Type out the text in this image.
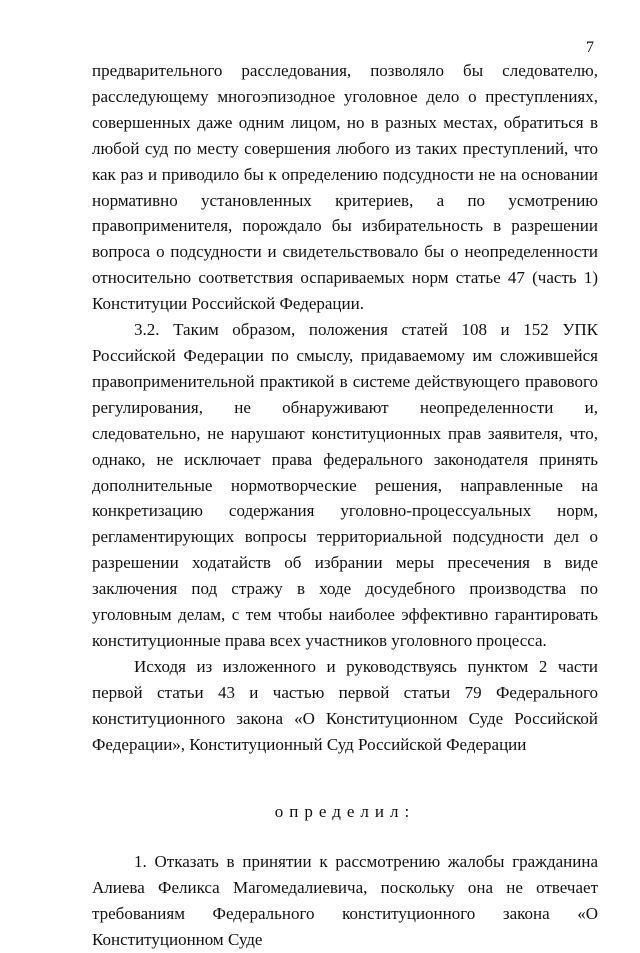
7

предварительного расследования, позволяло бы следователю, расследующему многоэпизодное уголовное дело о преступлениях, совершенных даже одним лицом, но в разных местах, обратиться в любой суд по месту совершения любого из таких преступлений, что как раз и приводило бы к определению подсудности не на основании нормативно установленных критериев, а по усмотрению правоприменителя, порождало бы избирательность в разрешении вопроса о подсудности и свидетельствовало бы о неопределенности относительно соответствия оспариваемых норм статье 47 (часть 1) Конституции Российской Федерации.

3.2. Таким образом, положения статей 108 и 152 УПК Российской Федерации по смыслу, придаваемому им сложившейся правоприменительной практикой в системе действующего правового регулирования, не обнаруживают неопределенности и, следовательно, не нарушают конституционных прав заявителя, что, однако, не исключает права федерального законодателя принять дополнительные нормотворческие решения, направленные на конкретизацию содержания уголовно-процессуальных норм, регламентирующих вопросы территориальной подсудности дел о разрешении ходатайств об избрании меры пресечения в виде заключения под стражу в ходе досудебного производства по уголовным делам, с тем чтобы наиболее эффективно гарантировать конституционные права всех участников уголовного процесса.

Исходя из изложенного и руководствуясь пунктом 2 части первой статьи 43 и частью первой статьи 79 Федерального конституционного закона «О Конституционном Суде Российской Федерации», Конституционный Суд Российской Федерации

определил:

1. Отказать в принятии к рассмотрению жалобы гражданина Алиева Феликса Магомедалиевича, поскольку она не отвечает требованиям Федерального конституционного закона «О Конституционном Суде
